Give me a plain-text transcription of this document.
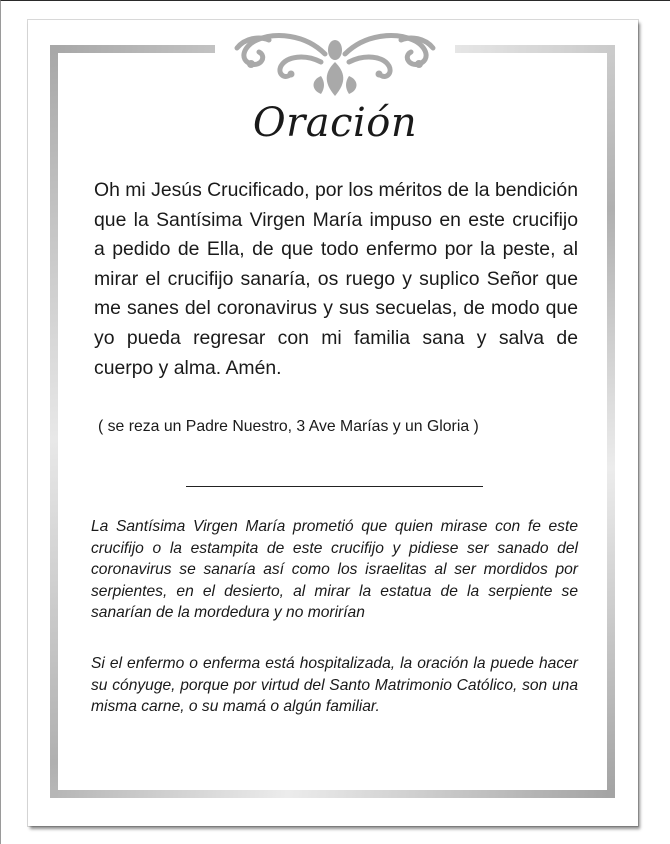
Oración

Oh mi Jesús Crucificado, por los méritos de la bendición que la Santísima Virgen María impuso en este crucifijo a pedido de Ella, de que todo enfermo por la peste, al mirar el crucifijo sanaría, os ruego y suplico Señor que me sanes del coronavirus y sus secuelas, de modo que yo pueda regresar con mi familia sana y salva de cuerpo y alma. Amén.

( se reza un Padre Nuestro, 3 Ave Marías y un Gloria )

La Santísima Virgen María prometió que quien mirase con fe este crucifijo o la estampita de este crucifijo y pidiese ser sanado del coronavirus se sanaría así como los israelitas al ser mordidos por serpientes, en el desierto, al mirar la estatua de la serpiente se sanarían de la mordedura y no morirían

Si el enfermo o enferma está hospitalizada, la oración la puede hacer su cónyuge, porque por virtud del Santo Matrimonio Católico, son una misma carne, o su mamá o algún familiar.
